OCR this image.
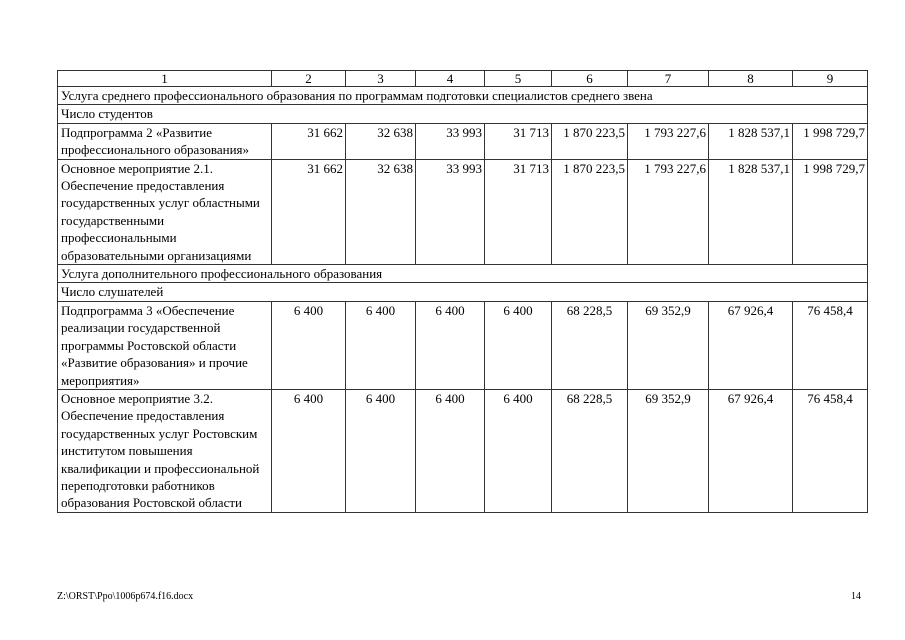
1	2	3	4	5	6	7	8	9
Услуга среднего профессионального образования по программам подготовки специалистов среднего звена								
Число студентов								
Подпрограмма 2 «Развитие профессионального образования»	31 662	32 638	33 993	31 713	1 870 223,5	1 793 227,6	1 828 537,1	1 998 729,7
Основное мероприятие 2.1. Обеспечение предоставления государственных услуг областными государственными профессиональными образовательными организациями	31 662	32 638	33 993	31 713	1 870 223,5	1 793 227,6	1 828 537,1	1 998 729,7
Услуга дополнительного профессионального образования								
Число слушателей								
Подпрограмма 3 «Обеспечение реализации государственной программы Ростовской области «Развитие образования» и прочие мероприятия»	6 400	6 400	6 400	6 400	68 228,5	69 352,9	67 926,4	76 458,4
Основное мероприятие 3.2. Обеспечение предоставления государственных услуг Ростовским институтом повышения квалификации и профессиональной переподготовки работников образования Ростовской области	6 400	6 400	6 400	6 400	68 228,5	69 352,9	67 926,4	76 458,4
Z:\ORST\Ppo\1006p674.f16.docx	14
